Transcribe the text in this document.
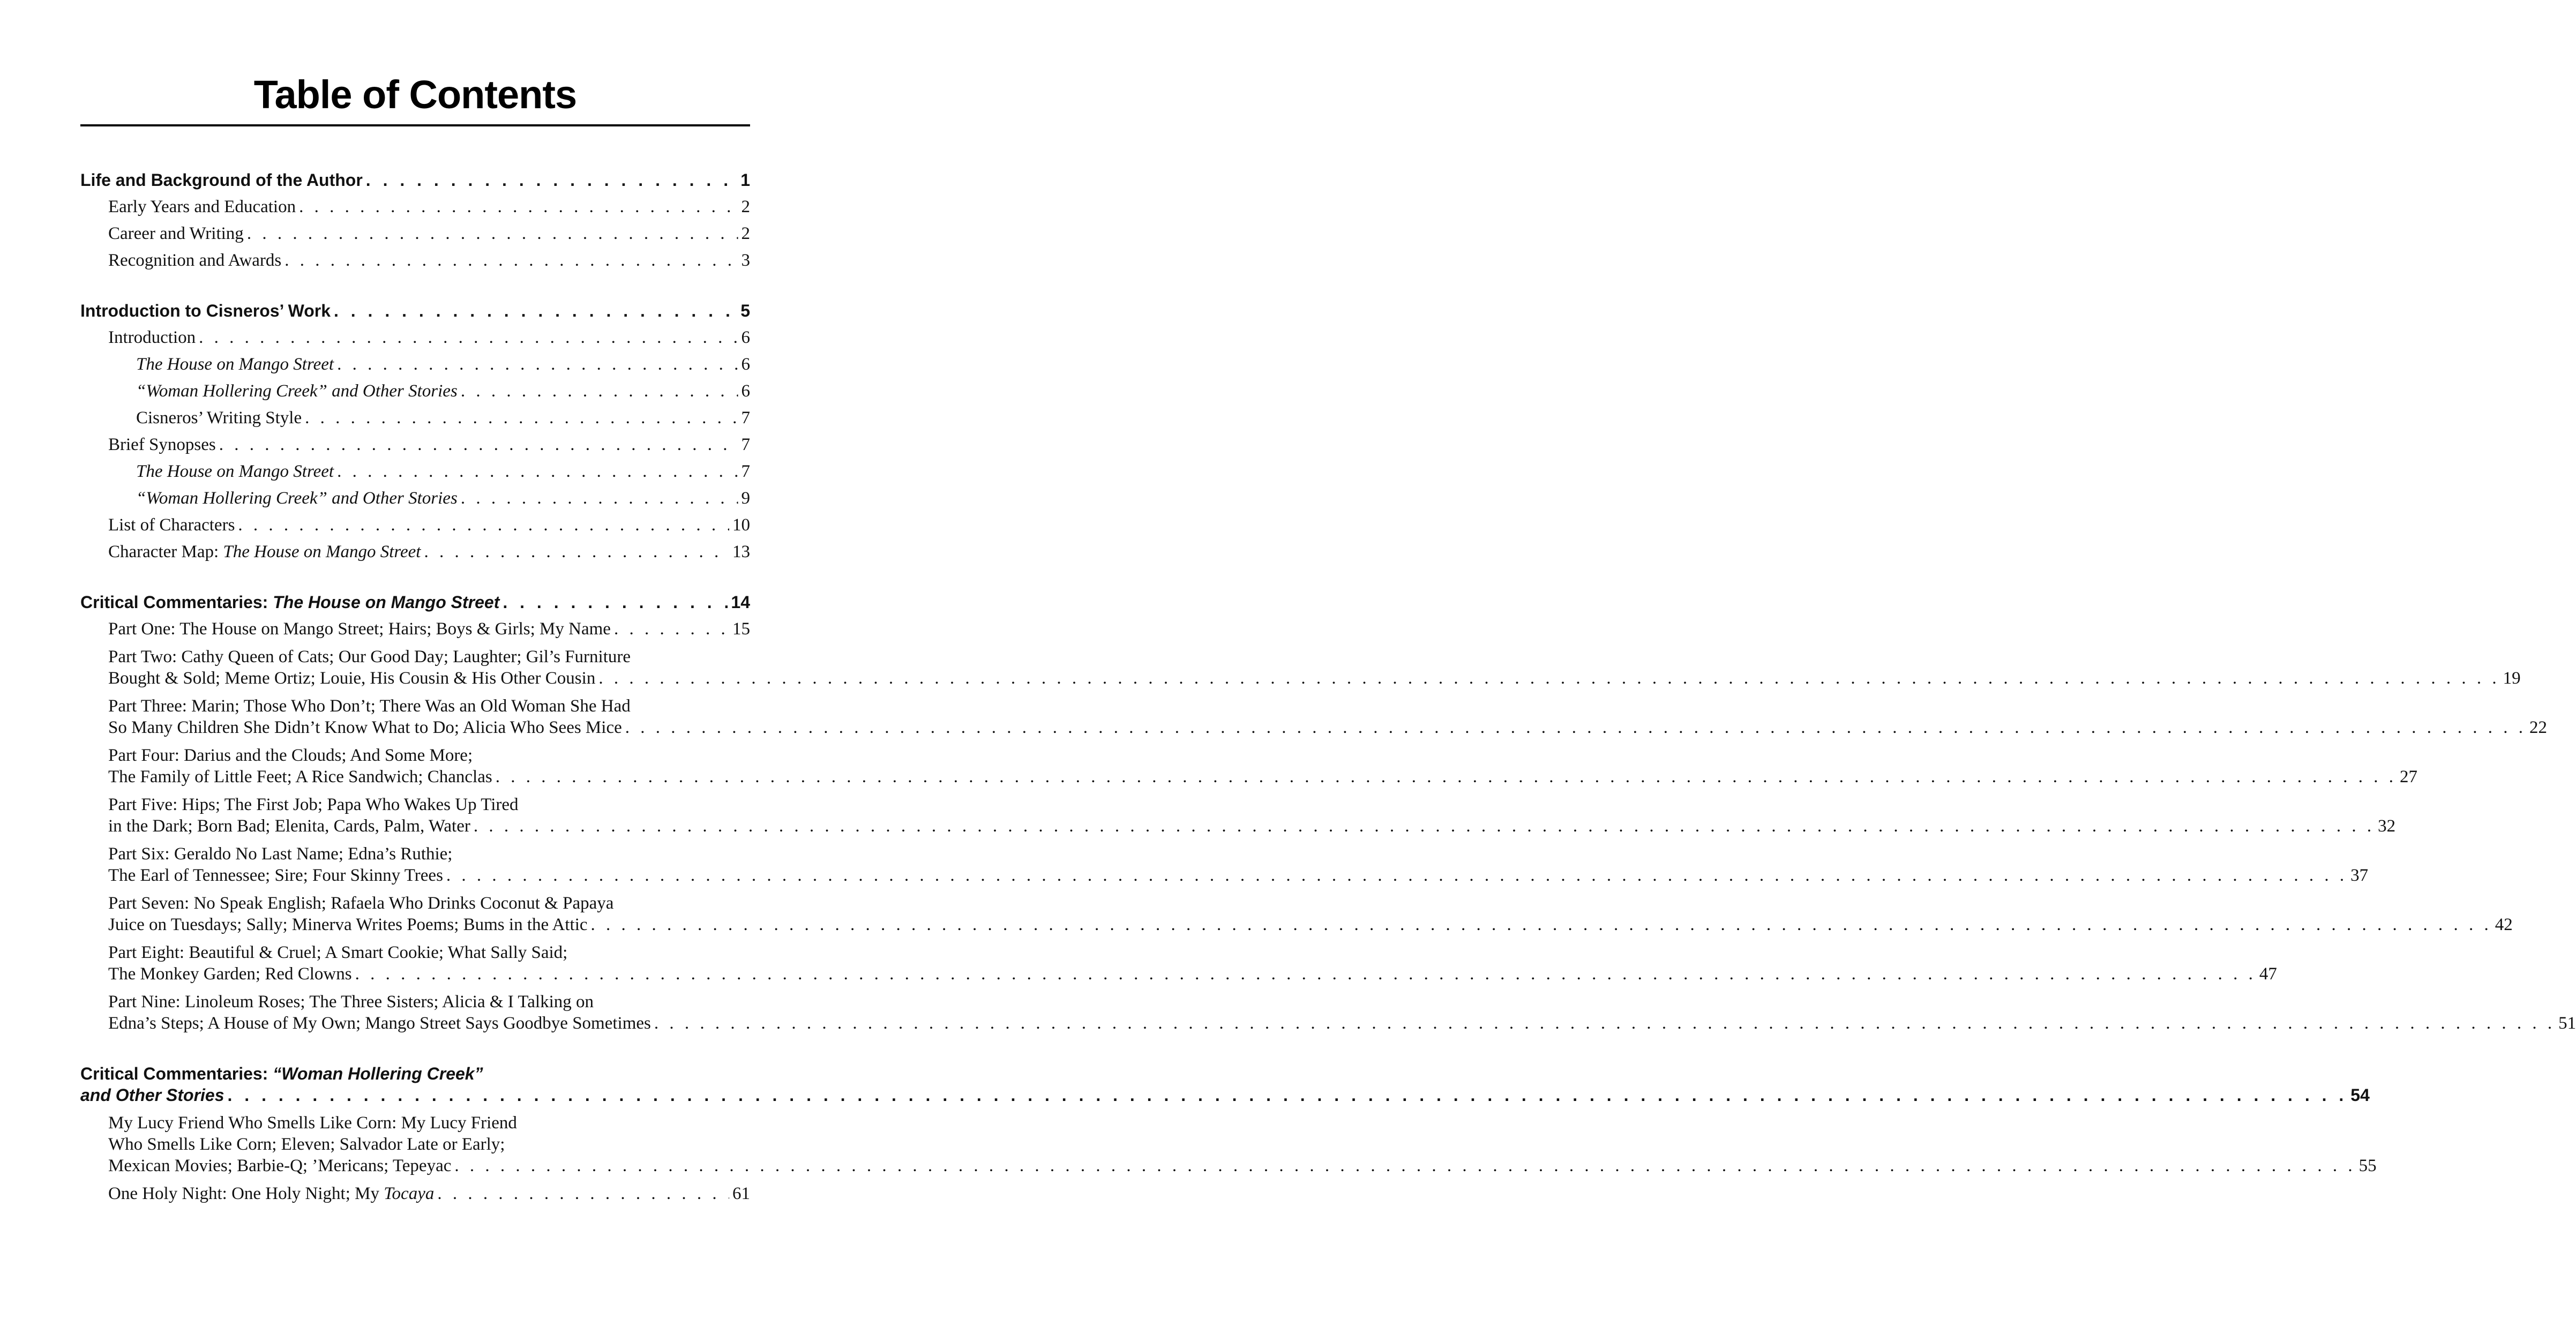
Table of Contents
Life and Background of the Author . . .	1
Early Years and Education . . .	2
Career and Writing . . .	2
Recognition and Awards . . .	3
Introduction to Cisneros’ Work . . .	5
Introduction . . .	6
The House on Mango Street . . .	6
“Woman Hollering Creek” and Other Stories . . .	6
Cisneros’ Writing Style . . .	7
Brief Synopses . . .	7
The House on Mango Street . . .	7
“Woman Hollering Creek” and Other Stories . . .	9
List of Characters . . .	10
Character Map: The House on Mango Street . . .	13
Critical Commentaries: The House on Mango Street . . .	14
Part One: The House on Mango Street; Hairs; Boys & Girls; My Name . . .	15
Part Two: Cathy Queen of Cats; Our Good Day; Laughter; Gil’s Furniture
Bought & Sold; Meme Ortiz; Louie, His Cousin & His Other Cousin . . .	19
Part Three: Marin; Those Who Don’t; There Was an Old Woman She Had
So Many Children She Didn’t Know What to Do; Alicia Who Sees Mice . . .	22
Part Four: Darius and the Clouds; And Some More;
The Family of Little Feet; A Rice Sandwich; Chanclas . . .	27
Part Five: Hips; The First Job; Papa Who Wakes Up Tired
in the Dark; Born Bad; Elenita, Cards, Palm, Water . . .	32
Part Six: Geraldo No Last Name; Edna’s Ruthie;
The Earl of Tennessee; Sire; Four Skinny Trees . . .	37
Part Seven: No Speak English; Rafaela Who Drinks Coconut & Papaya
Juice on Tuesdays; Sally; Minerva Writes Poems; Bums in the Attic . . .	42
Part Eight: Beautiful & Cruel; A Smart Cookie; What Sally Said;
The Monkey Garden; Red Clowns . . .	47
Part Nine: Linoleum Roses; The Three Sisters; Alicia & I Talking on
Edna’s Steps; A House of My Own; Mango Street Says Goodbye Sometimes . . .	51
Critical Commentaries: “Woman Hollering Creek”
and Other Stories . . .	54
My Lucy Friend Who Smells Like Corn: My Lucy Friend
Who Smells Like Corn; Eleven; Salvador Late or Early;
Mexican Movies; Barbie-Q; ’Mericans; Tepeyac . . .	55
One Holy Night: One Holy Night; My Tocaya . . .	61
